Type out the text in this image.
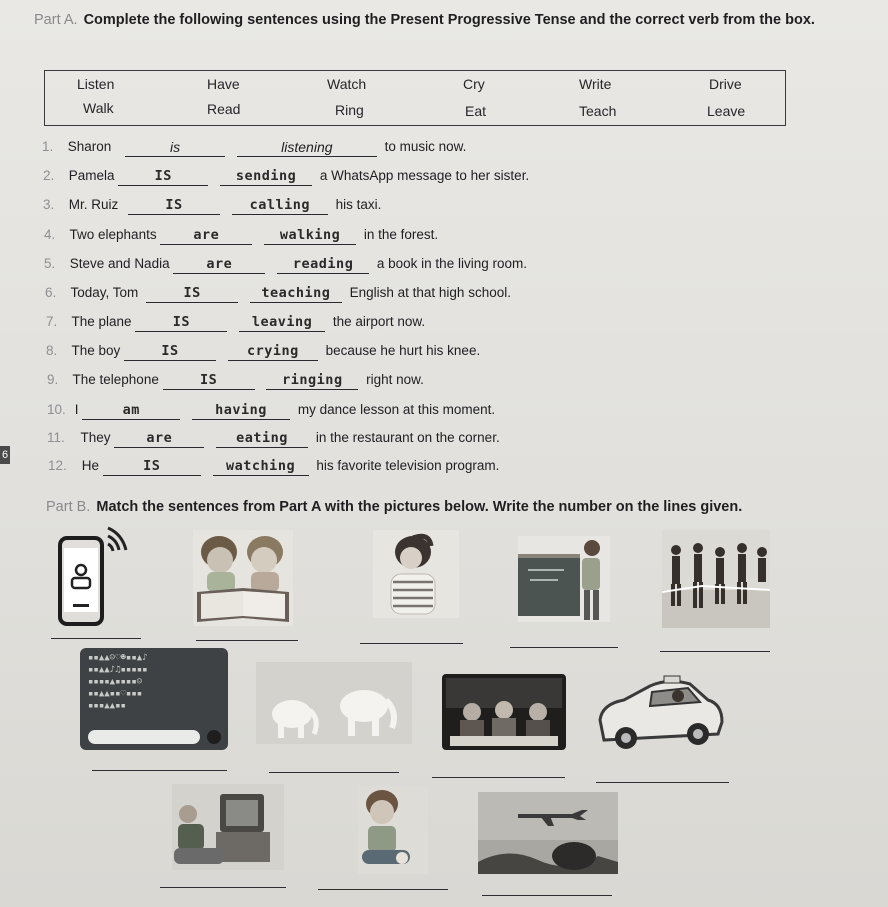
Part A. Complete the following sentences using the Present Progressive Tense and the correct verb from the box.
Listen	Have	Watch	Cry	Write	Drive
Walk	Read	Ring	Eat	Teach	Leave
1. Sharon	is	listening	to music now.
2. Pamela	IS	sending a WhatsApp message to her sister.
3. Mr. Ruiz	IS	calling his taxi.
4. Two elephants	are	walking in the forest.
5. Steve and Nadia	are	reading a book in the living room.
6. Today, Tom	IS	teaching English at that high school.
7. The plane	IS	leaving the airport now.
8. The boy	IS	crying because he hurt his knee.
9. The telephone	IS	ringing right now.
10. I	am	having my dance lesson at this moment.
11. They	are	eating in the restaurant on the corner.
12. He	IS	watching his favorite television program.
6
Part B. Match the sentences from Part A with the pictures below. Write the number on the lines given.
▪▪▲▲☺♡☻▪▪▲♪
▪▪▲▲♪♫▪▪▪▪▪
▪▪▪▪▲▪▪▪▪☺
▪▪▲▲▪▪♡▪▪▪
▪▪▪▲▲▪▪
